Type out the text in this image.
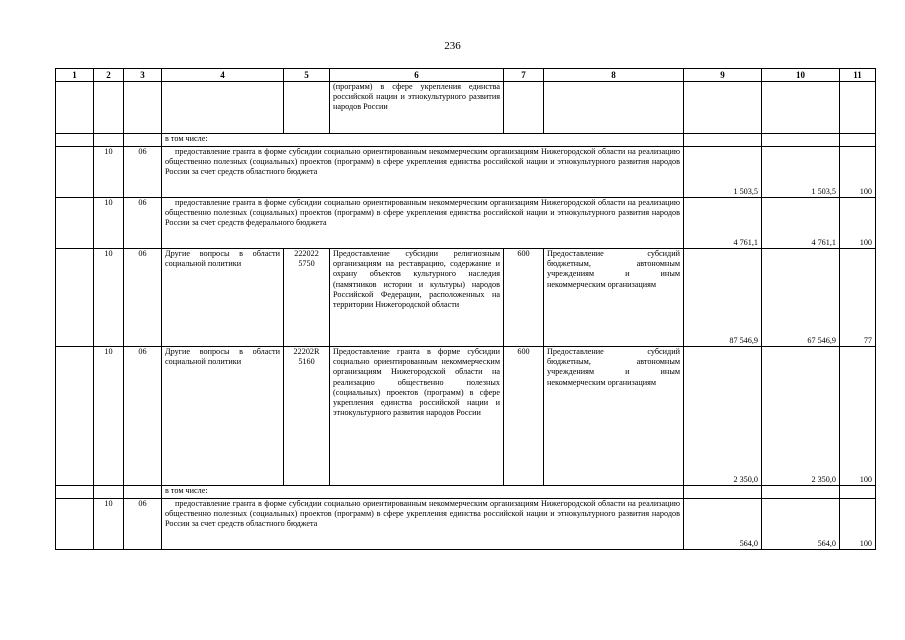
236
1	2	3	4	5	6	7	8	9	10	11
					(программ) в сфере укрепления единства российской нации и этнокультурного развития народов России					
			в том числе:							
	10	06	предоставление гранта в форме субсидии социально ориентированным некоммерческим организациям Нижегородской области на реализацию общественно полезных (социальных) проектов (программ) в сфере укрепления единства российской нации и этнокультурного развития народов России за счет средств областного бюджета					1 503,5	1 503,5	100
	10	06	предоставление гранта в форме субсидии социально ориентированным некоммерческим организациям Нижегородской области на реализацию общественно полезных (социальных) проектов (программ) в сфере укрепления единства российской нации и этнокультурного развития народов России за счет средств федерального бюджета					4 761,1	4 761,1	100
	10	06	Другие вопросы в области социальной политики	222022 5750	Предоставление субсидии религиозным организациям на реставрацию, содержание и охрану объектов культурного наследия (памятников истории и культуры) народов Российской Федерации, расположенных на территории Нижегородской области	600	Предоставление субсидий бюджетным, автономным учреждениям и иным некоммерческим организациям	87 546,9	67 546,9	77
	10	06	Другие вопросы в области социальной политики	22202R 5160	Предоставление гранта в форме субсидии социально ориентированным некоммерческим организациям Нижегородской области на реализацию общественно полезных (социальных) проектов (программ) в сфере укрепления единства российской нации и этнокультурного развития народов России	600	Предоставление субсидий бюджетным, автономным учреждениям и иным некоммерческим организациям	2 350,0	2 350,0	100
			в том числе:							
	10	06	предоставление гранта в форме субсидии социально ориентированным некоммерческим организациям Нижегородской области на реализацию общественно полезных (социальных) проектов (программ) в сфере укрепления единства российской нации и этнокультурного развития народов России за счет средств областного бюджета					564,0	564,0	100
